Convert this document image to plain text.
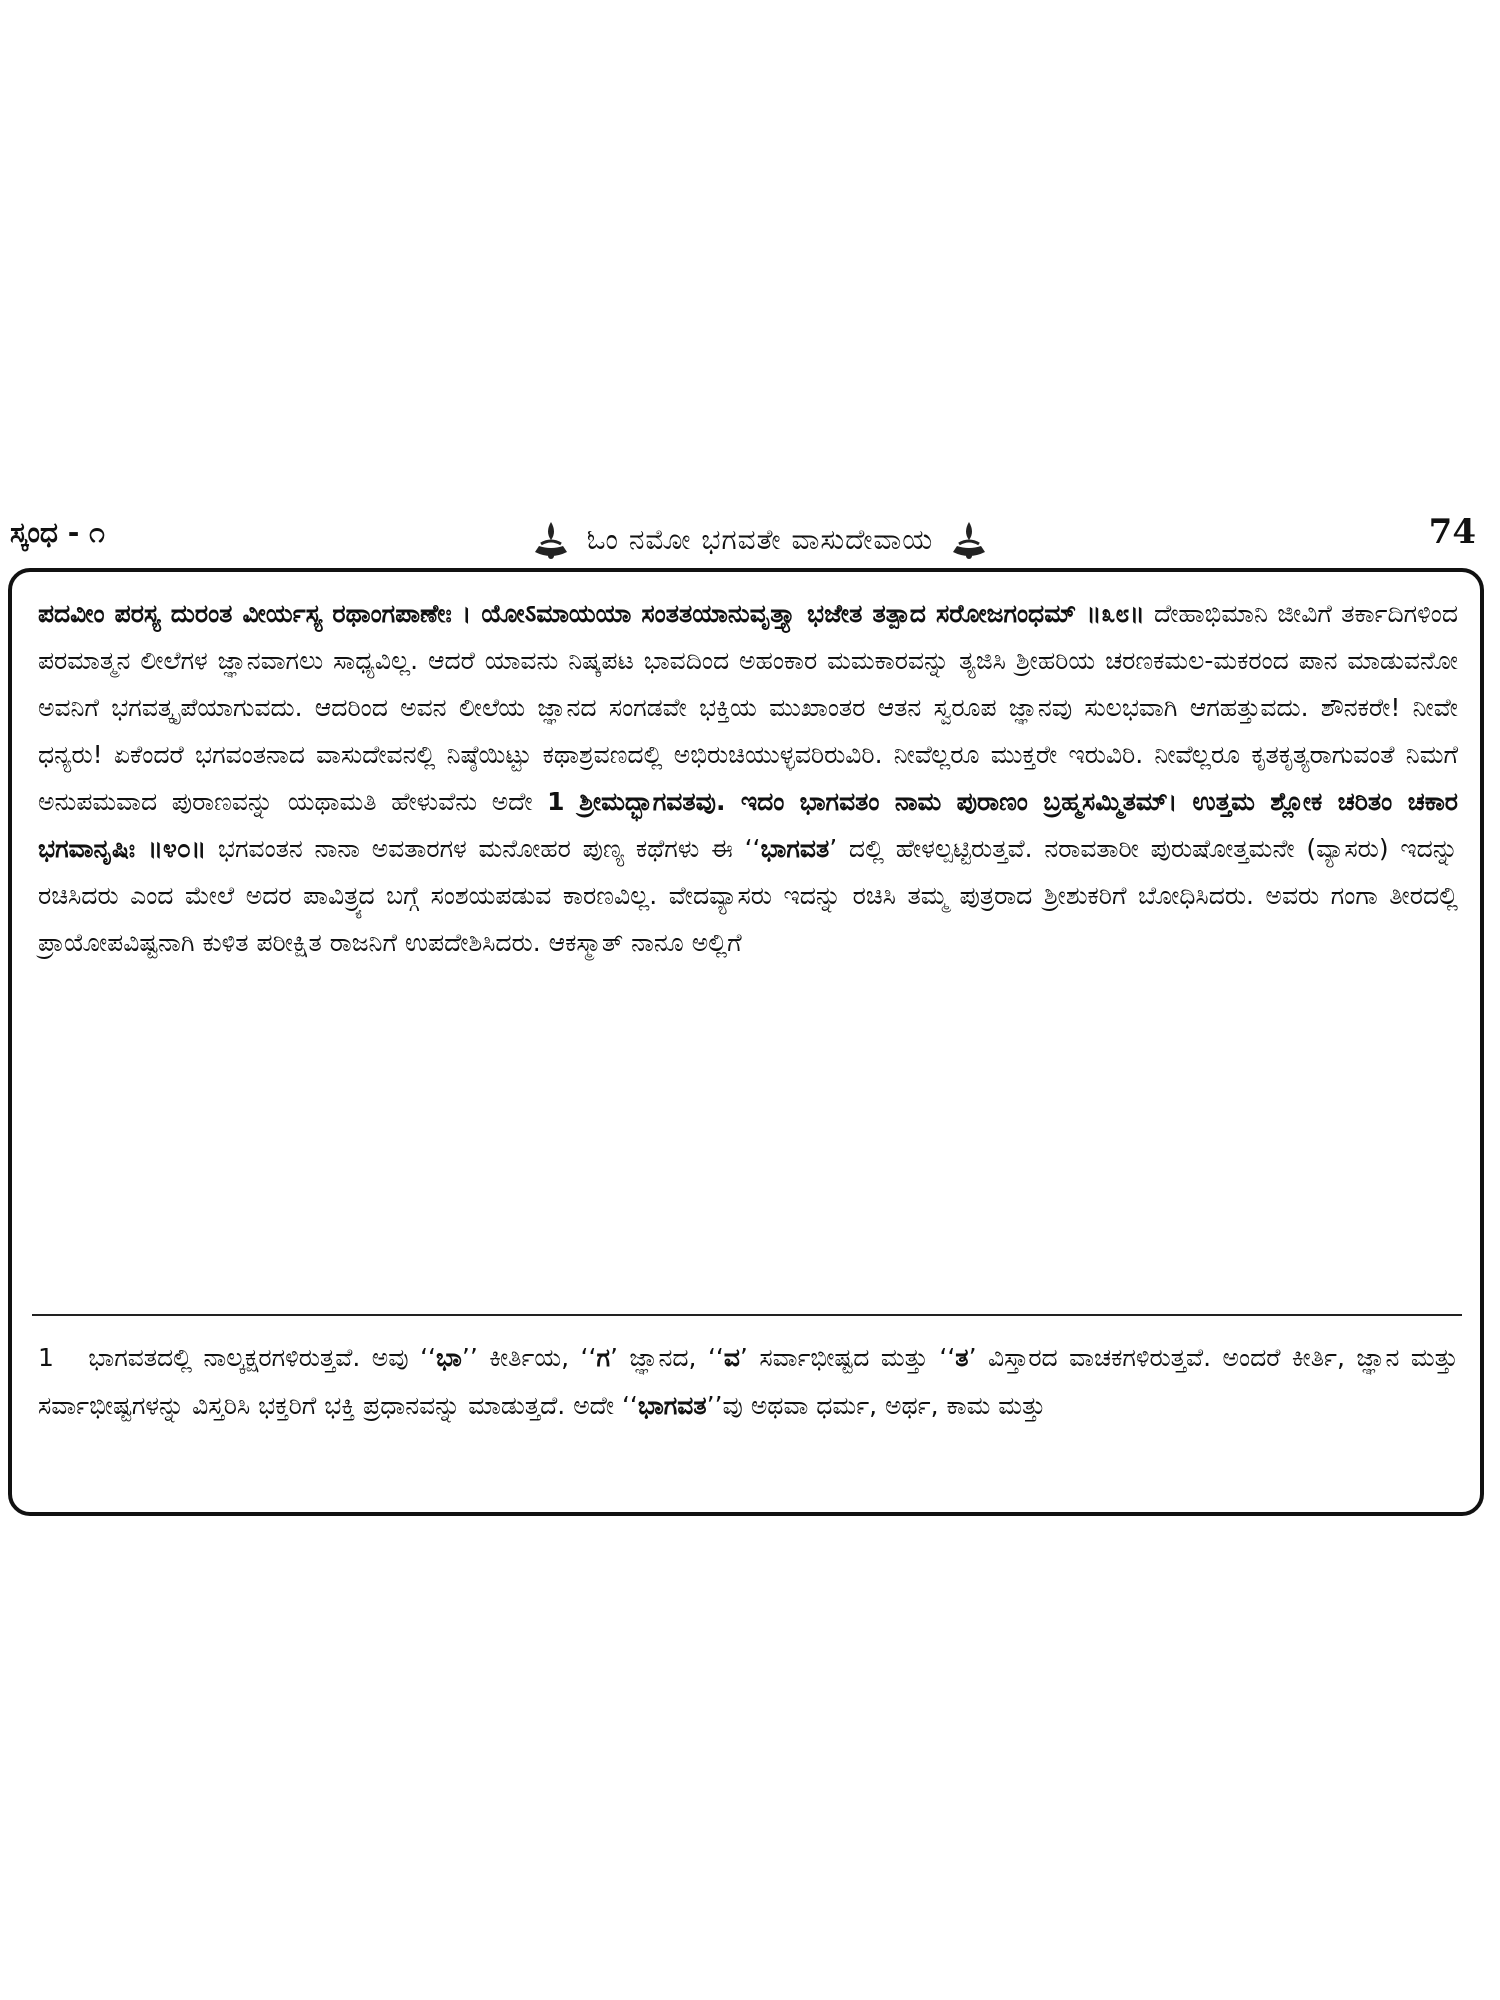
ಸ್ಕಂಧ - ೧	ಓಂ ನಮೋ ಭಗವತೇ ವಾಸುದೇವಾಯ	74

ಪದವೀಂ ಪರಸ್ಯ ದುರಂತ ವೀರ್ಯಸ್ಯ ರಥಾಂಗಪಾಣೇಃ । ಯೋऽಮಾಯಯಾ ಸಂತತಯಾನುವೃತ್ತ್ಯಾ ಭಜೇತ ತತ್ಪಾದ ಸರೋಜಗಂಧಮ್ ॥೩೮॥ ದೇಹಾಭಿಮಾನಿ ಜೀವಿಗೆ ತರ್ಕಾದಿಗಳಿಂದ ಪರಮಾತ್ಮನ ಲೀಲೆಗಳ ಜ್ಞಾನವಾಗಲು ಸಾಧ್ಯವಿಲ್ಲ. ಆದರೆ ಯಾವನು ನಿಷ್ಕಪಟ ಭಾವದಿಂದ ಅಹಂಕಾರ ಮಮಕಾರವನ್ನು ತ್ಯಜಿಸಿ ಶ್ರೀಹರಿಯ ಚರಣಕಮಲ-ಮಕರಂದ ಪಾನ ಮಾಡುವನೋ ಅವನಿಗೆ ಭಗವತ್ಕೃಪೆಯಾಗುವದು. ಆದರಿಂದ ಅವನ ಲೀಲೆಯ ಜ್ಞಾನದ ಸಂಗಡವೇ ಭಕ್ತಿಯ ಮುಖಾಂತರ ಆತನ ಸ್ವರೂಪ ಜ್ಞಾನವು ಸುಲಭವಾಗಿ ಆಗಹತ್ತುವದು. ಶೌನಕರೇ! ನೀವೇ ಧನ್ಯರು! ಏಕೆಂದರೆ ಭಗವಂತನಾದ ವಾಸುದೇವನಲ್ಲಿ ನಿಷ್ಠೆಯಿಟ್ಟು ಕಥಾಶ್ರವಣದಲ್ಲಿ ಅಭಿರುಚಿಯುಳ್ಳವರಿರುವಿರಿ. ನೀವೆಲ್ಲರೂ ಮುಕ್ತರೇ ಇರುವಿರಿ. ನೀವೆಲ್ಲರೂ ಕೃತಕೃತ್ಯರಾಗುವಂತೆ ನಿಮಗೆ ಅನುಪಮವಾದ ಪುರಾಣವನ್ನು ಯಥಾಮತಿ ಹೇಳುವೆನು ಅದೇ 1 ಶ್ರೀಮದ್ಭಾಗವತವು. ಇದಂ ಭಾಗವತಂ ನಾಮ ಪುರಾಣಂ ಬ್ರಹ್ಮಸಮ್ಮಿತಮ್। ಉತ್ತಮ ಶ್ಲೋಕ ಚರಿತಂ ಚಕಾರ ಭಗವಾನೃಷಿಃ ॥೪೦॥ ಭಗವಂತನ ನಾನಾ ಅವತಾರಗಳ ಮನೋಹರ ಪುಣ್ಯ ಕಥೆಗಳು ಈ ‘‘ಭಾಗವತ’ ದಲ್ಲಿ ಹೇಳಲ್ಪಟ್ಟಿರುತ್ತವೆ. ನರಾವತಾರೀ ಪುರುಷೋತ್ತಮನೇ (ವ್ಯಾಸರು) ಇದನ್ನು ರಚಿಸಿದರು ಎಂದ ಮೇಲೆ ಅದರ ಪಾವಿತ್ರ್ಯದ ಬಗ್ಗೆ ಸಂಶಯಪಡುವ ಕಾರಣವಿಲ್ಲ. ವೇದವ್ಯಾಸರು ಇದನ್ನು ರಚಿಸಿ ತಮ್ಮ ಪುತ್ರರಾದ ಶ್ರೀಶುಕರಿಗೆ ಬೋಧಿಸಿದರು. ಅವರು ಗಂಗಾ ತೀರದಲ್ಲಿ ಪ್ರಾಯೋಪವಿಷ್ಟನಾಗಿ ಕುಳಿತ ಪರೀಕ್ಷಿತ ರಾಜನಿಗೆ ಉಪದೇಶಿಸಿದರು. ಆಕಸ್ಮಾತ್ ನಾನೂ ಅಲ್ಲಿಗೆ

1 ಭಾಗವತದಲ್ಲಿ ನಾಲ್ಕಕ್ಷರಗಳಿರುತ್ತವೆ. ಅವು ‘‘ಭಾ’’ ಕೀರ್ತಿಯ, ‘‘ಗ’ ಜ್ಞಾನದ, ‘‘ವ’ ಸರ್ವಾಭೀಷ್ಟದ ಮತ್ತು ‘‘ತ’ ವಿಸ್ತಾರದ ವಾಚಕಗಳಿರುತ್ತವೆ. ಅಂದರೆ ಕೀರ್ತಿ, ಜ್ಞಾನ ಮತ್ತು ಸರ್ವಾಭೀಷ್ಟಗಳನ್ನು ವಿಸ್ತರಿಸಿ ಭಕ್ತರಿಗೆ ಭಕ್ತಿ ಪ್ರಧಾನವನ್ನು ಮಾಡುತ್ತದೆ. ಅದೇ ‘‘ಭಾಗವತ’’ವು ಅಥವಾ ಧರ್ಮ, ಅರ್ಥ, ಕಾಮ ಮತ್ತು
